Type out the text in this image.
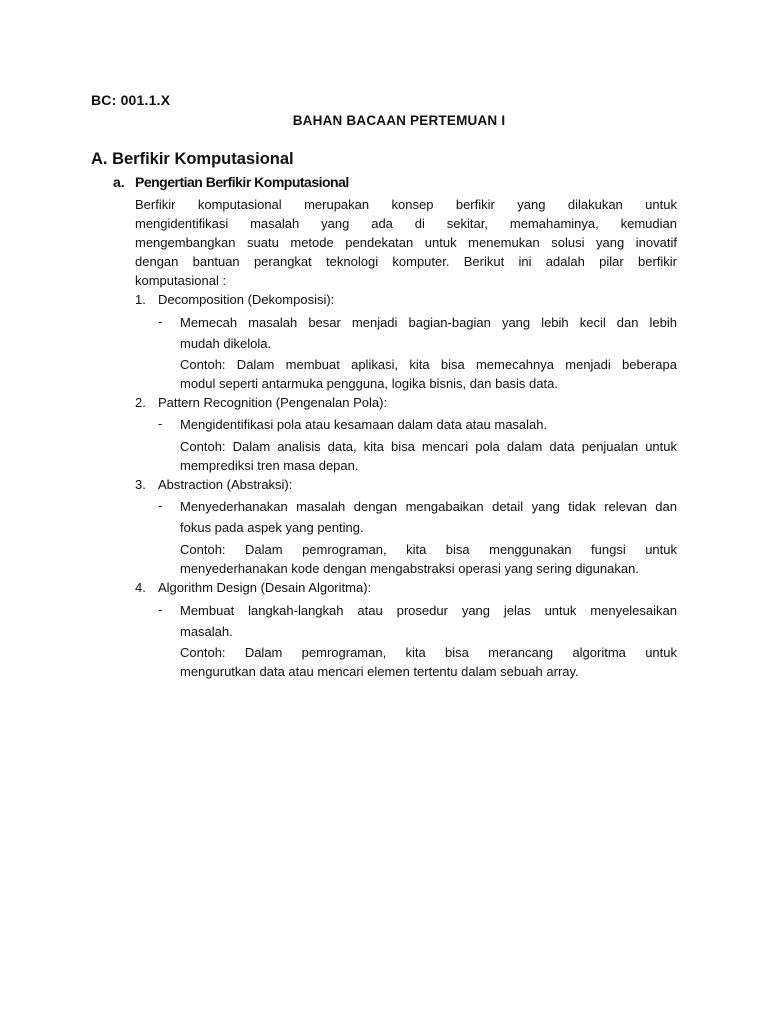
BC: 001.1.X
BAHAN BACAAN PERTEMUAN I
A. Berfikir Komputasional
a. Pengertian Berfikir Komputasional
Berfikir komputasional merupakan konsep berfikir yang dilakukan untuk
mengidentifikasi masalah yang ada di sekitar, memahaminya, kemudian
mengembangkan suatu metode pendekatan untuk menemukan solusi yang inovatif
dengan bantuan perangkat teknologi komputer. Berikut ini adalah pilar berfikir
komputasional :
1. Decomposition (Dekomposisi):
- Memecah masalah besar menjadi bagian-bagian yang lebih kecil dan lebih
mudah dikelola.
Contoh: Dalam membuat aplikasi, kita bisa memecahnya menjadi beberapa
modul seperti antarmuka pengguna, logika bisnis, dan basis data.
2. Pattern Recognition (Pengenalan Pola):
- Mengidentifikasi pola atau kesamaan dalam data atau masalah.
Contoh: Dalam analisis data, kita bisa mencari pola dalam data penjualan untuk
memprediksi tren masa depan.
3. Abstraction (Abstraksi):
- Menyederhanakan masalah dengan mengabaikan detail yang tidak relevan dan
fokus pada aspek yang penting.
Contoh: Dalam pemrograman, kita bisa menggunakan fungsi untuk
menyederhanakan kode dengan mengabstraksi operasi yang sering digunakan.
4. Algorithm Design (Desain Algoritma):
- Membuat langkah-langkah atau prosedur yang jelas untuk menyelesaikan
masalah.
Contoh: Dalam pemrograman, kita bisa merancang algoritma untuk
mengurutkan data atau mencari elemen tertentu dalam sebuah array.
